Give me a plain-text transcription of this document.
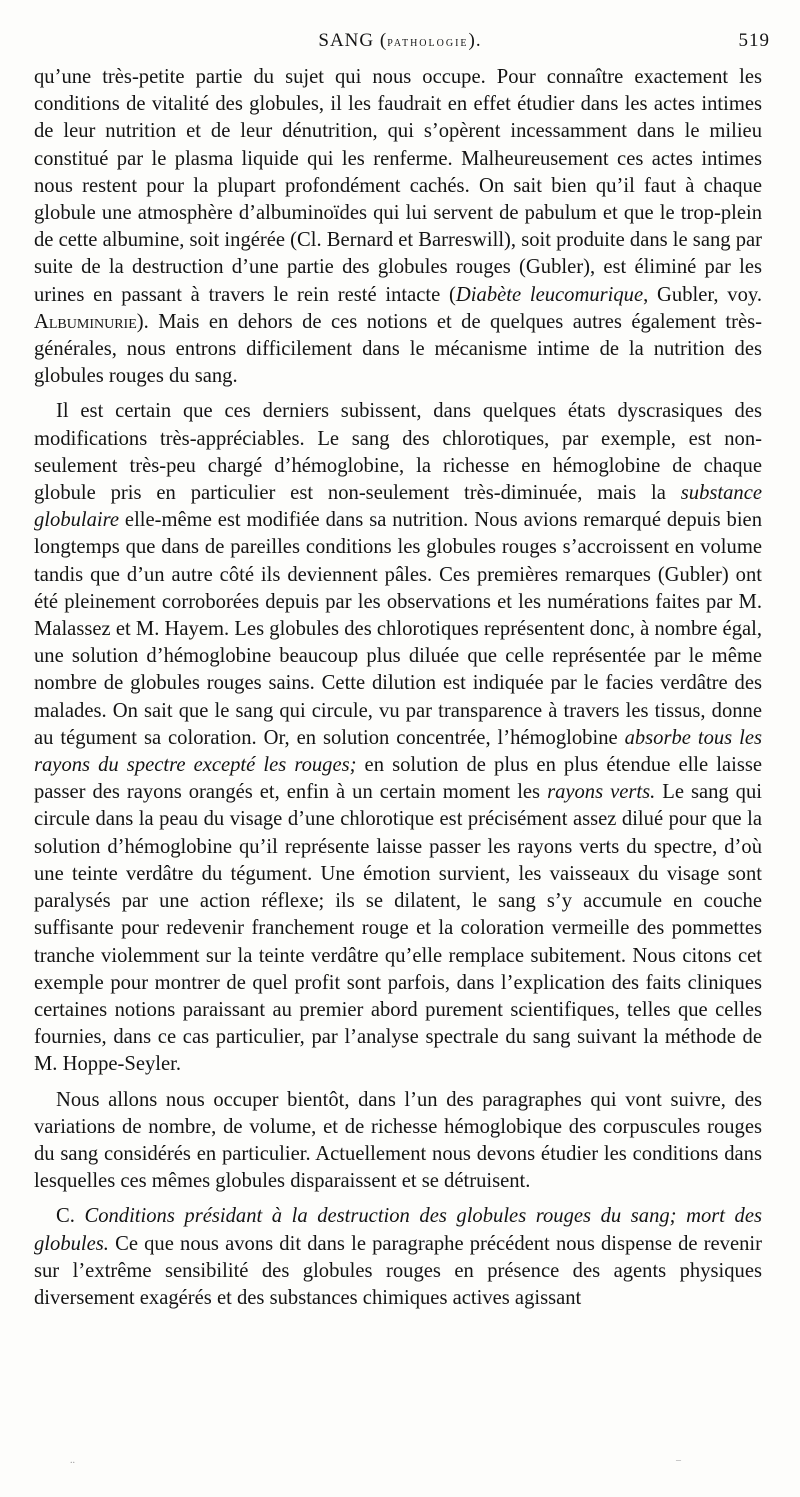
SANG (pathologie).	519

qu’une très-petite partie du sujet qui nous occupe. Pour connaître exactement les conditions de vitalité des globules, il les faudrait en effet étudier dans les actes intimes de leur nutrition et de leur dénutrition, qui s’opèrent incessamment dans le milieu constitué par le plasma liquide qui les renferme. Malheureusement ces actes intimes nous restent pour la plupart profondément cachés. On sait bien qu’il faut à chaque globule une atmosphère d’albuminoïdes qui lui servent de pabulum et que le trop-plein de cette albumine, soit ingérée (Cl. Bernard et Barreswill), soit produite dans le sang par suite de la destruction d’une partie des globules rouges (Gubler), est éliminé par les urines en passant à travers le rein resté intacte (Diabète leucomurique, Gubler, voy. Albuminurie). Mais en dehors de ces notions et de quelques autres également très-générales, nous entrons difficilement dans le mécanisme intime de la nutrition des globules rouges du sang.

Il est certain que ces derniers subissent, dans quelques états dyscrasiques des modifications très-appréciables. Le sang des chlorotiques, par exemple, est non-seulement très-peu chargé d’hémoglobine, la richesse en hémoglobine de chaque globule pris en particulier est non-seulement très-diminuée, mais la substance globulaire elle-même est modifiée dans sa nutrition. Nous avions remarqué depuis bien longtemps que dans de pareilles conditions les globules rouges s’accroissent en volume tandis que d’un autre côté ils deviennent pâles. Ces premières remarques (Gubler) ont été pleinement corroborées depuis par les observations et les numérations faites par M. Malassez et M. Hayem. Les globules des chlorotiques représentent donc, à nombre égal, une solution d’hémoglobine beaucoup plus diluée que celle représentée par le même nombre de globules rouges sains. Cette dilution est indiquée par le facies verdâtre des malades. On sait que le sang qui circule, vu par transparence à travers les tissus, donne au tégument sa coloration. Or, en solution concentrée, l’hémoglobine absorbe tous les rayons du spectre excepté les rouges; en solution de plus en plus étendue elle laisse passer des rayons orangés et, enfin à un certain moment les rayons verts. Le sang qui circule dans la peau du visage d’une chlorotique est précisément assez dilué pour que la solution d’hémoglobine qu’il représente laisse passer les rayons verts du spectre, d’où une teinte verdâtre du tégument. Une émotion survient, les vaisseaux du visage sont paralysés par une action réflexe; ils se dilatent, le sang s’y accumule en couche suffisante pour redevenir franchement rouge et la coloration vermeille des pommettes tranche violemment sur la teinte verdâtre qu’elle remplace subitement. Nous citons cet exemple pour montrer de quel profit sont parfois, dans l’explication des faits cliniques certaines notions paraissant au premier abord purement scientifiques, telles que celles fournies, dans ce cas particulier, par l’analyse spectrale du sang suivant la méthode de M. Hoppe-Seyler.

Nous allons nous occuper bientôt, dans l’un des paragraphes qui vont suivre, des variations de nombre, de volume, et de richesse hémoglobique des corpuscules rouges du sang considérés en particulier. Actuellement nous devons étudier les conditions dans lesquelles ces mêmes globules disparaissent et se détruisent.

C. Conditions présidant à la destruction des globules rouges du sang; mort des globules. Ce que nous avons dit dans le paragraphe précédent nous dispense de revenir sur l’extrême sensibilité des globules rouges en présence des agents physiques diversement exagérés et des substances chimiques actives agissant

..	–
